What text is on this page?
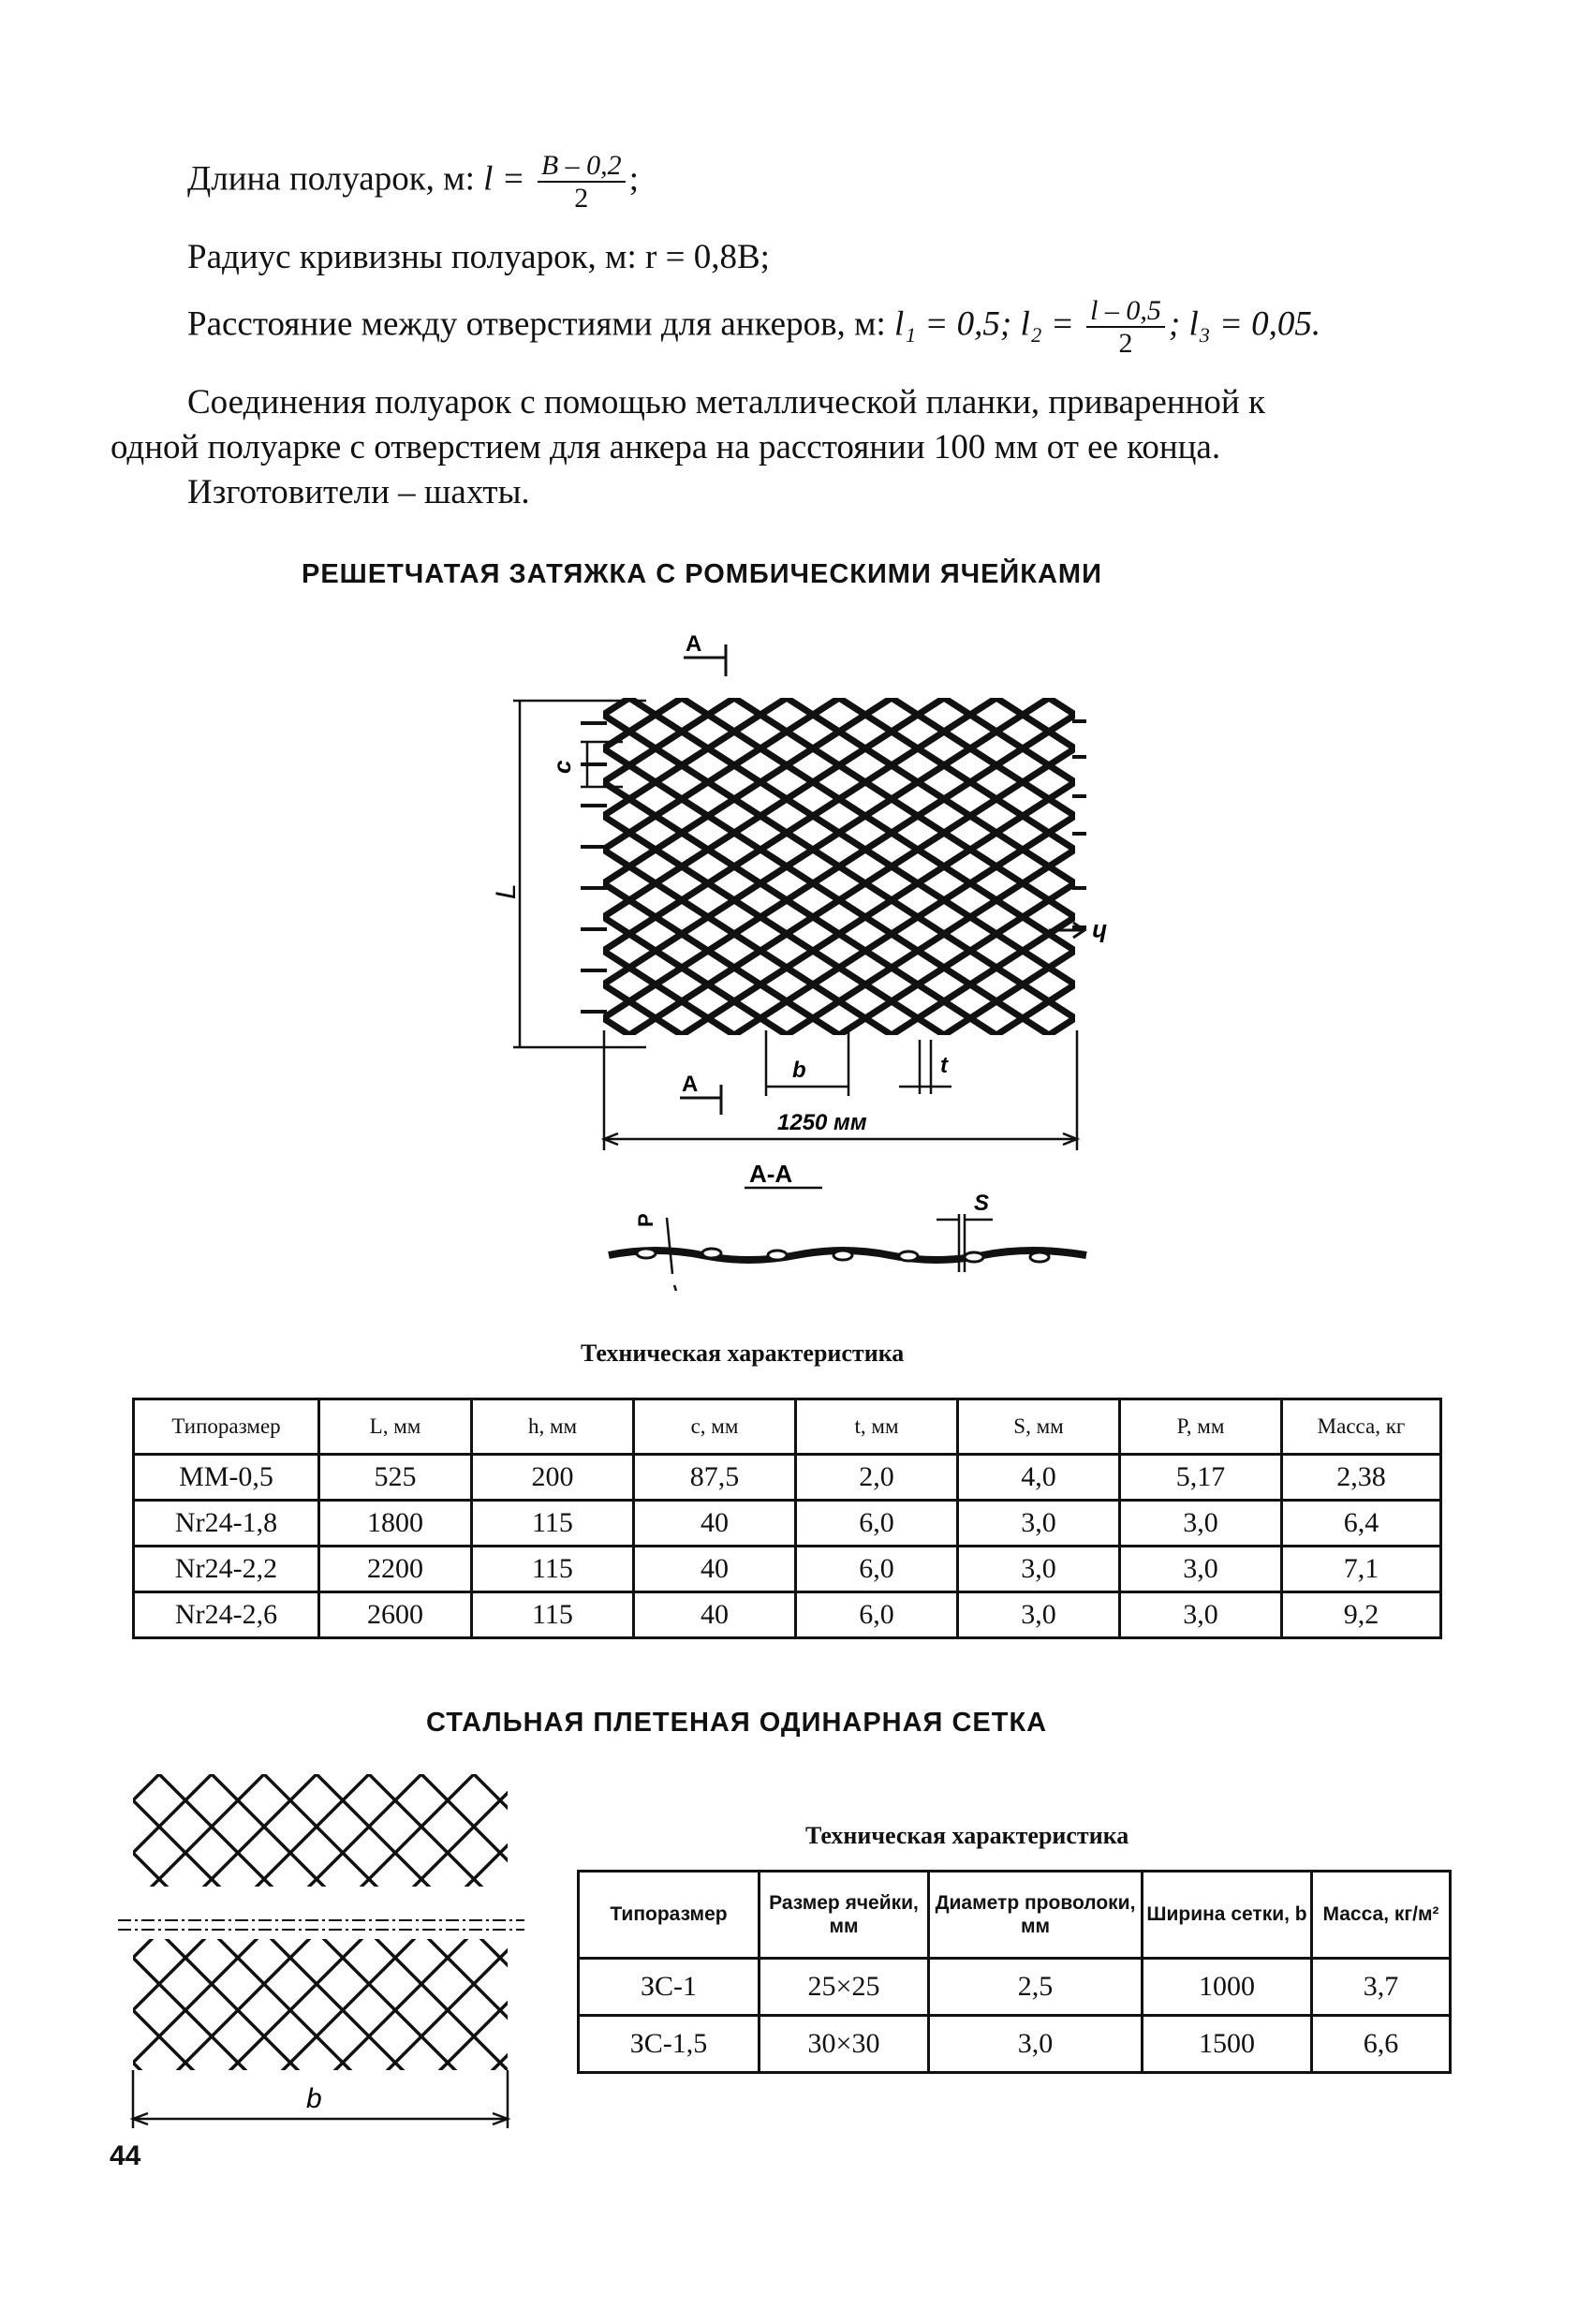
Длина полуарок, м: $l = \frac{B - 0,2}{2}$ ;
Радиус кривизны полуарок, м: r = 0,8B;
Расстояние между отверстиями для анкеров, м: l₁ = 0,5; $l_2 = \frac{l - 0,5}{2}$ ; l₃ = 0,05.
Соединения полуарок с помощью металлической планки, приваренной к
одной полуарке с отверстием для анкера на расстоянии 100 мм от ее конца.
Изготовители – шахты.
РЕШЕТЧАТАЯ ЗАТЯЖКА С РОМБИЧЕСКИМИ ЯЧЕЙКАМИ
L
c
h
A
A
b	t
1250 мм
A-A
P
S
Техническая характеристика
Типоразмер	L, мм	h, мм	c, мм	t, мм	S, мм	P, мм	Масса, кг
ММ-0,5	525	200	87,5	2,0	4,0	5,17	2,38
Nr24-1,8	1800	115	40	6,0	3,0	3,0	6,4
Nr24-2,2	2200	115	40	6,0	3,0	3,0	7,1
Nr24-2,6	2600	115	40	6,0	3,0	3,0	9,2
СТАЛЬНАЯ ПЛЕТЕНАЯ ОДИНАРНАЯ СЕТКА
b
Техническая характеристика
Типоразмер	Размер ячейки, мм	Диаметр проволоки, мм	Ширина сетки, b	Масса, кг/м²
ЗС-1	25×25	2,5	1000	3,7
ЗС-1,5	30×30	3,0	1500	6,6
44
